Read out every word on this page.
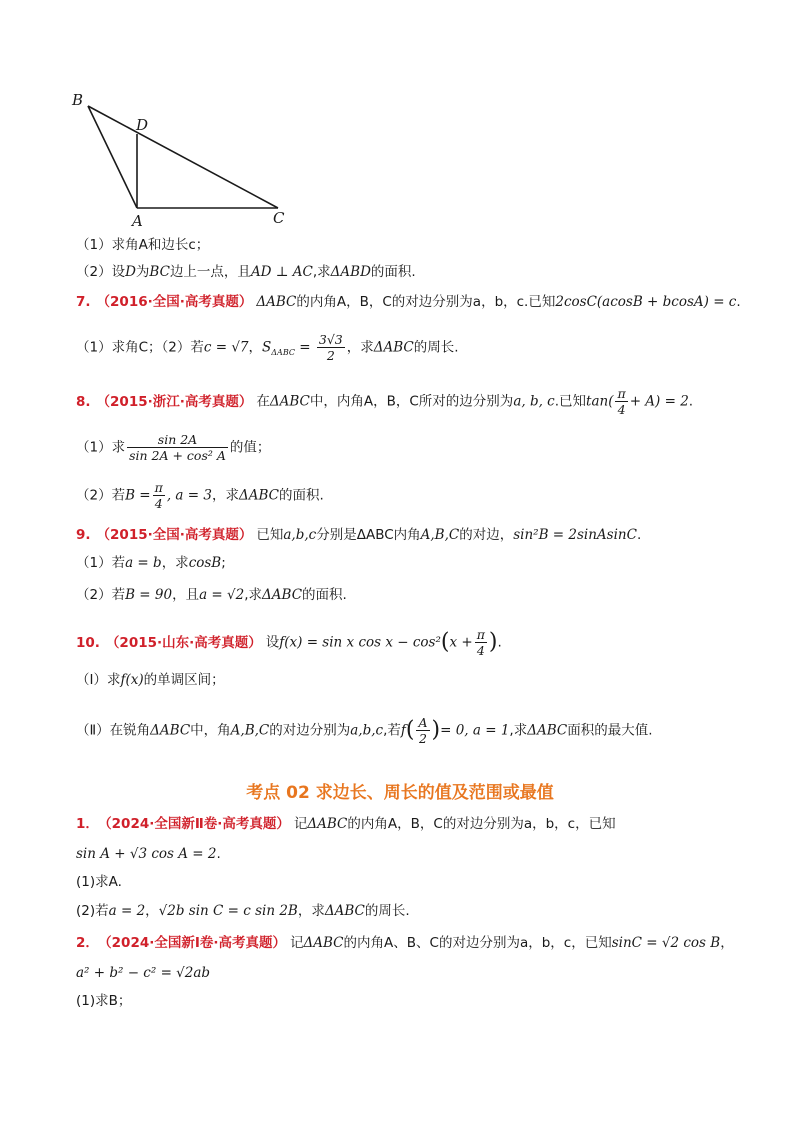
B
D
A	C
（1）求角A和边长c；
（2）设D为BC边上一点，且AD ⊥ AC,求ΔABD的面积.
7. （2016·全国·高考真题） ΔABC的内角A，B，C的对边分别为a，b，c.已知2cosC(acosB + bcosA) = c.
（1）求角C；（2）若c = √7，$S_{\Delta ABC} = \frac{3√3}{2}$ ，求ΔABC的周长.
8. （2015·浙江·高考真题） 在ΔABC中，内角A，B，C所对的边分别为a, b, c.已知$\tan( \frac{\pi}{4} + A) = 2$.
（1）求 $\frac{\sin 2A}{\text{sin 2A + cos² A}}$ 的值；
（2）若$B = \frac{\pi}{4}$ , a = 3，求ΔABC的面积.
9. （2015·全国·高考真题） 已知a,b,c分别是ΔABC内角A,B,C的对边，sin²B = 2sinAsinC.
（1）若a = b，求cosB;
（2）若B = 90，且a = √2,求ΔABC的面积.
10. （2015·山东·高考真题） 设f(x) = sin x $\cos x - \cos^2(x + \frac{\pi}{4}$ ).
（Ⅰ）求f(x)的单调区间；
（Ⅱ）在锐角ΔABC中，角A,B,C的对边分别为a,b,c,若$f( \frac{A}{2}$ )= 0, a = 1,求ΔABC面积的最大值.
考点 02 求边长、周长的值及范围或最值
1． （2024·全国新Ⅱ卷·高考真题） 记ΔABC的内角A，B，C的对边分别为a，b，c，已知
sin A + √3 cos A = 2.
(1)求A.
(2)若a = 2，√2b sin C = c sin 2B，求ΔABC的周长.
2． （2024·全国新Ⅰ卷·高考真题） 记ΔABC的内角A、B、C的对边分别为a，b，c，已知sinC = √2 cos B，
a² + b² − c² = √2ab
(1)求B；
